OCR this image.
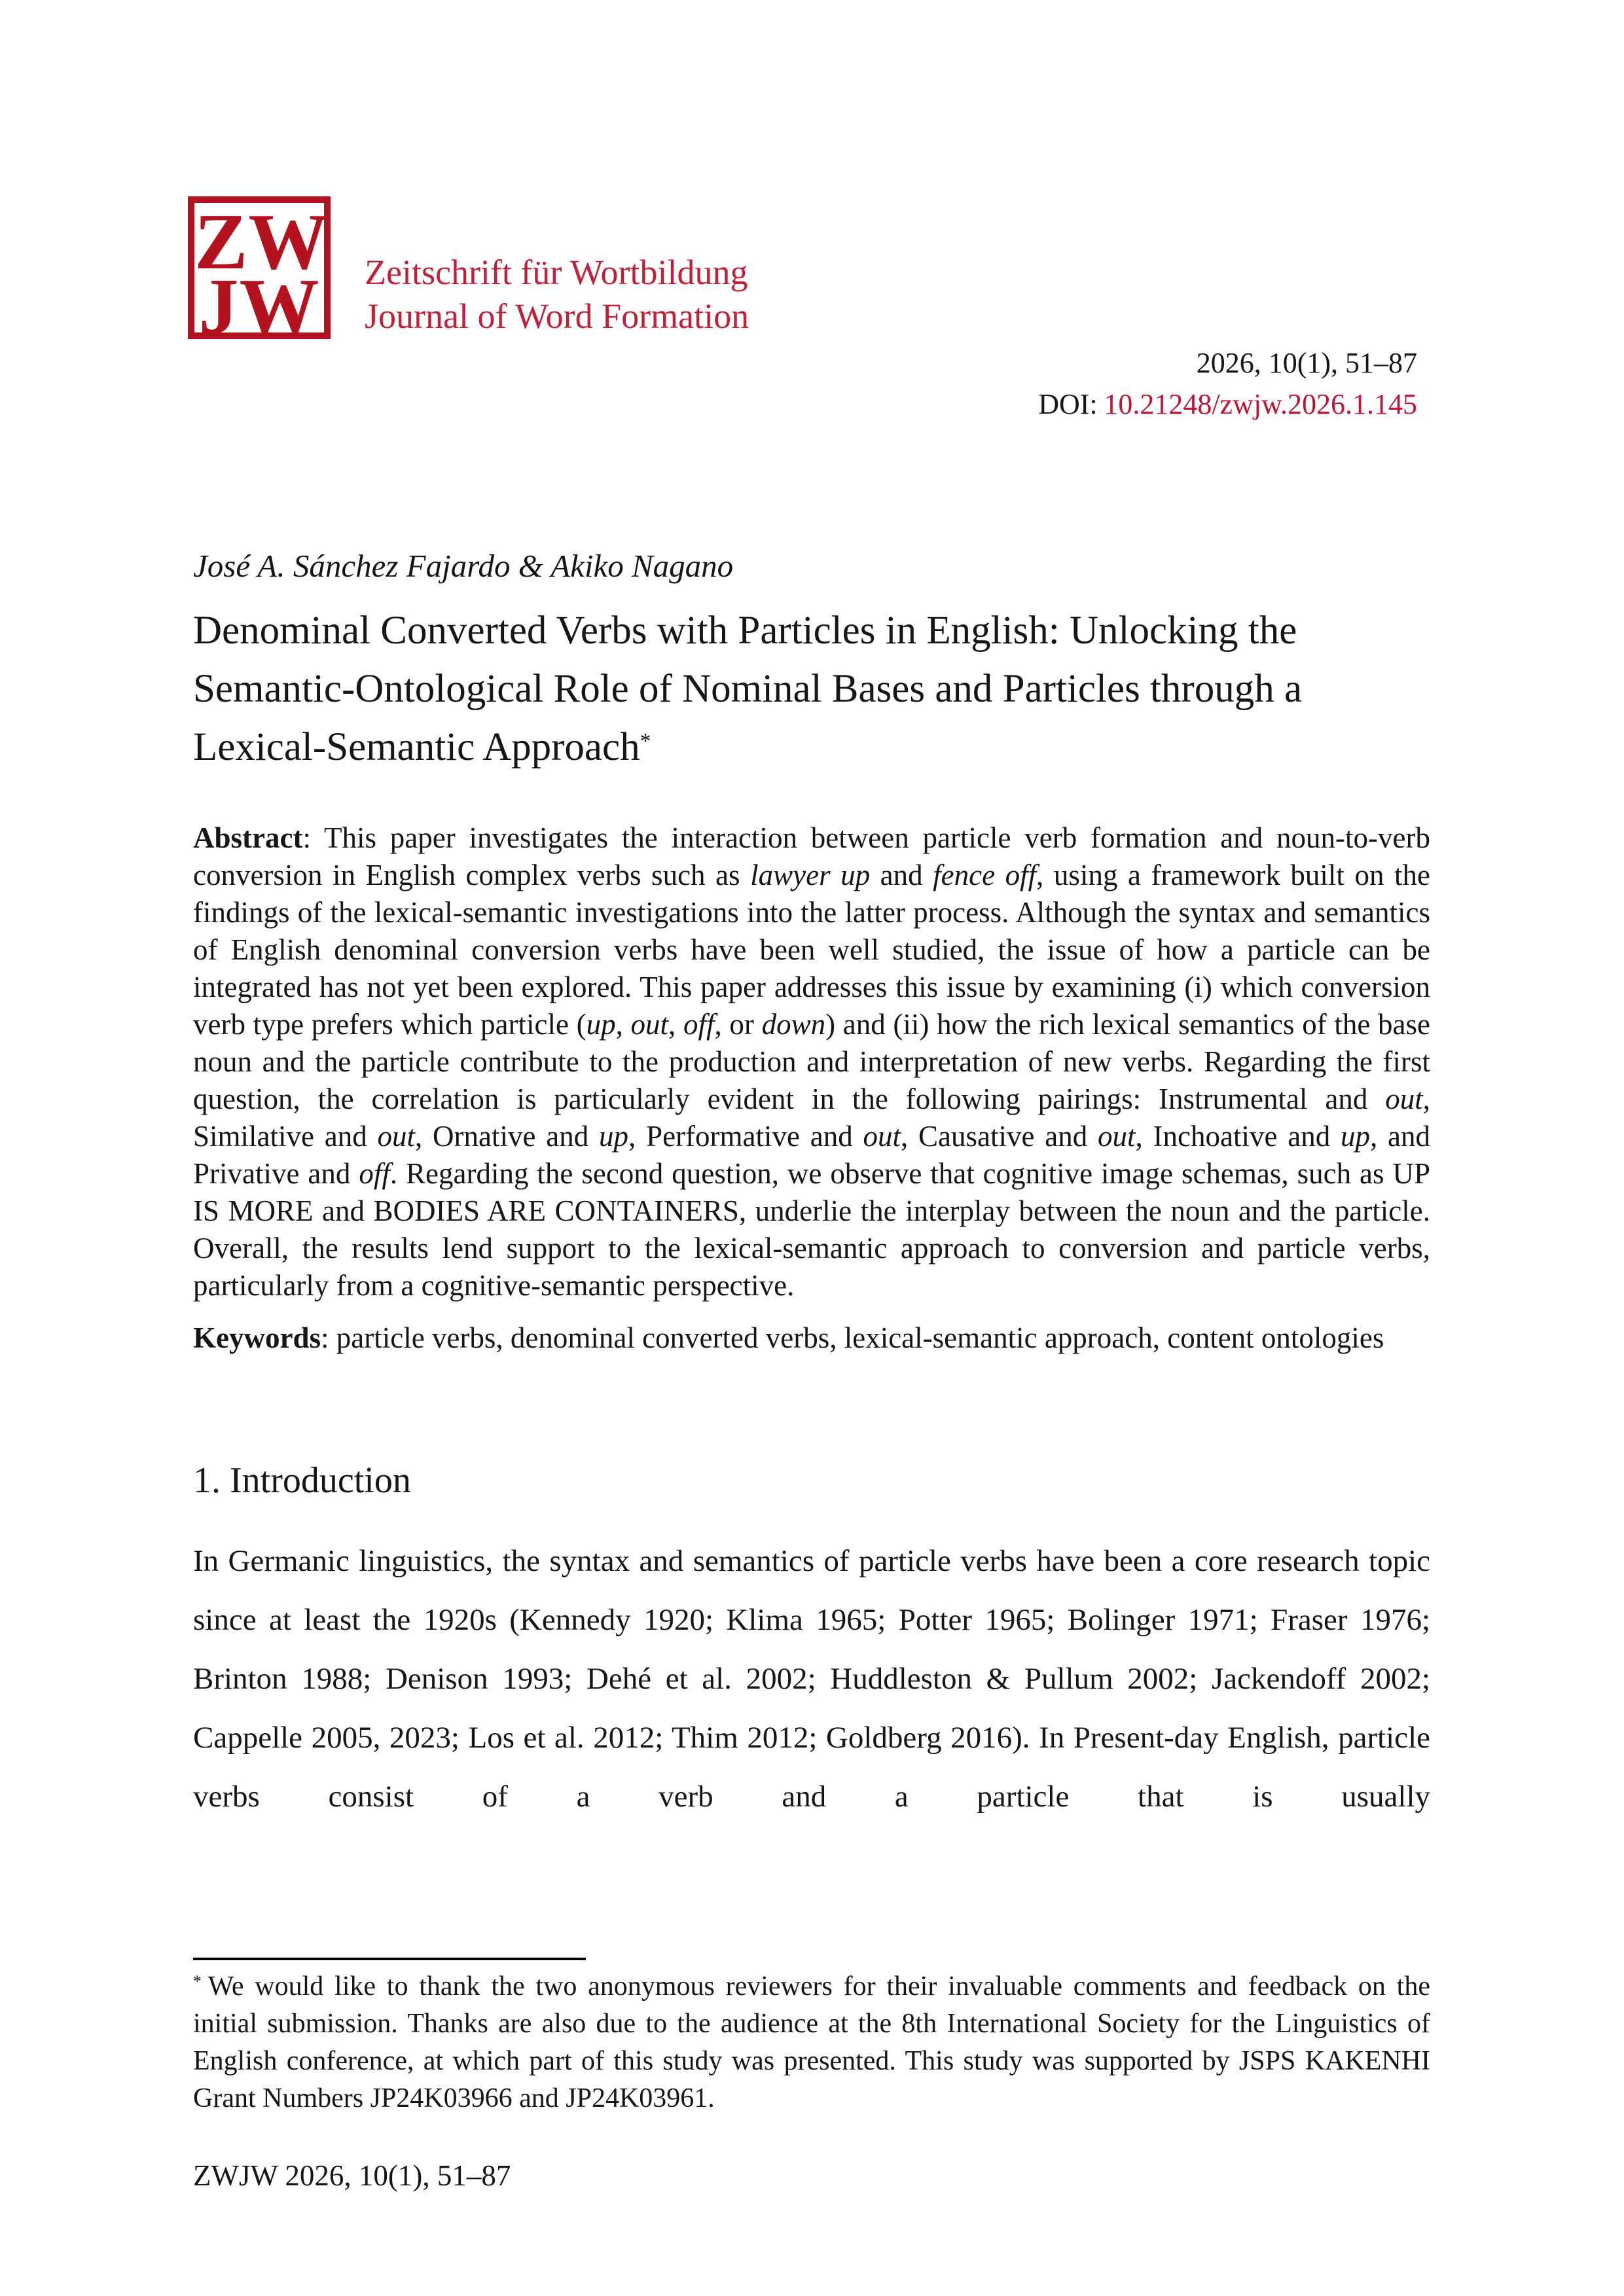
ZW
JW Zeitschrift für Wortbildung
Journal of Word Formation
2026, 10(1), 51–87
DOI: 10.21248/zwjw.2026.1.145

José A. Sánchez Fajardo & Akiko Nagano

Denominal Converted Verbs with Particles in English: Unlocking the Semantic-Ontological Role of Nominal Bases and Particles through a Lexical-Semantic Approach*

Abstract: This paper investigates the interaction between particle verb formation and noun-to-verb conversion in English complex verbs such as lawyer up and fence off, using a framework built on the findings of the lexical-semantic investigations into the latter process. Although the syntax and semantics of English denominal conversion verbs have been well studied, the issue of how a particle can be integrated has not yet been explored. This paper addresses this issue by examining (i) which conversion verb type prefers which particle (up, out, off, or down) and (ii) how the rich lexical semantics of the base noun and the particle contribute to the production and interpretation of new verbs. Regarding the first question, the correlation is particularly evident in the following pairings: Instrumental and out, Similative and out, Ornative and up, Performative and out, Causative and out, Inchoative and up, and Privative and off. Regarding the second question, we observe that cognitive image schemas, such as UP IS MORE and BODIES ARE CONTAINERS, underlie the interplay between the noun and the particle. Overall, the results lend support to the lexical-semantic approach to conversion and particle verbs, particularly from a cognitive-semantic perspective.

Keywords: particle verbs, denominal converted verbs, lexical-semantic approach, content ontologies

1. Introduction

In Germanic linguistics, the syntax and semantics of particle verbs have been a core research topic since at least the 1920s (Kennedy 1920; Klima 1965; Potter 1965; Bolinger 1971; Fraser 1976; Brinton 1988; Denison 1993; Dehé et al. 2002; Huddleston & Pullum 2002; Jackendoff 2002; Cappelle 2005, 2023; Los et al. 2012; Thim 2012; Goldberg 2016). In Present-day English, particle verbs consist of a verb and a particle that is usually

* We would like to thank the two anonymous reviewers for their invaluable comments and feedback on the initial submission. Thanks are also due to the audience at the 8th International Society for the Linguistics of English conference, at which part of this study was presented. This study was supported by JSPS KAKENHI Grant Numbers JP24K03966 and JP24K03961.

ZWJW 2026, 10(1), 51–87
